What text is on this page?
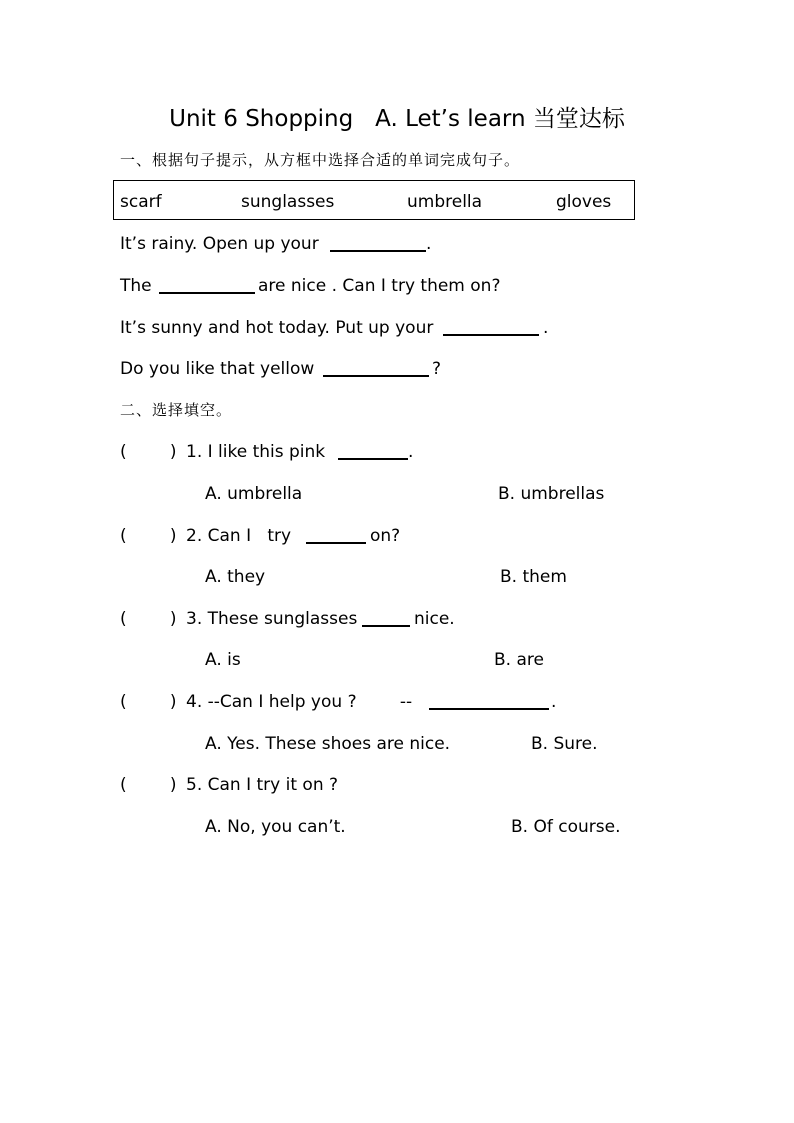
Unit 6 Shopping   A. Let’s learn 当堂达标
一、根据句子提示，从方框中选择合适的单词完成句子。
scarf	sunglasses	umbrella	gloves
It’s rainy. Open up your	.
The	are nice . Can I try them on?
It’s sunny and hot today. Put up your	.
Do you like that yellow	?
二、选择填空。
(        ) 1. I like this pink	.
A. umbrella	B. umbrellas
(        ) 2. Can I   try	on?
A. they	B. them
(        ) 3. These sunglasses	nice.
A. is	B. are
(        ) 4. --Can I help you ?        --	.
A. Yes. These shoes are nice.	B. Sure.
(        ) 5. Can I try it on ?
A. No, you can’t.	B. Of course.
